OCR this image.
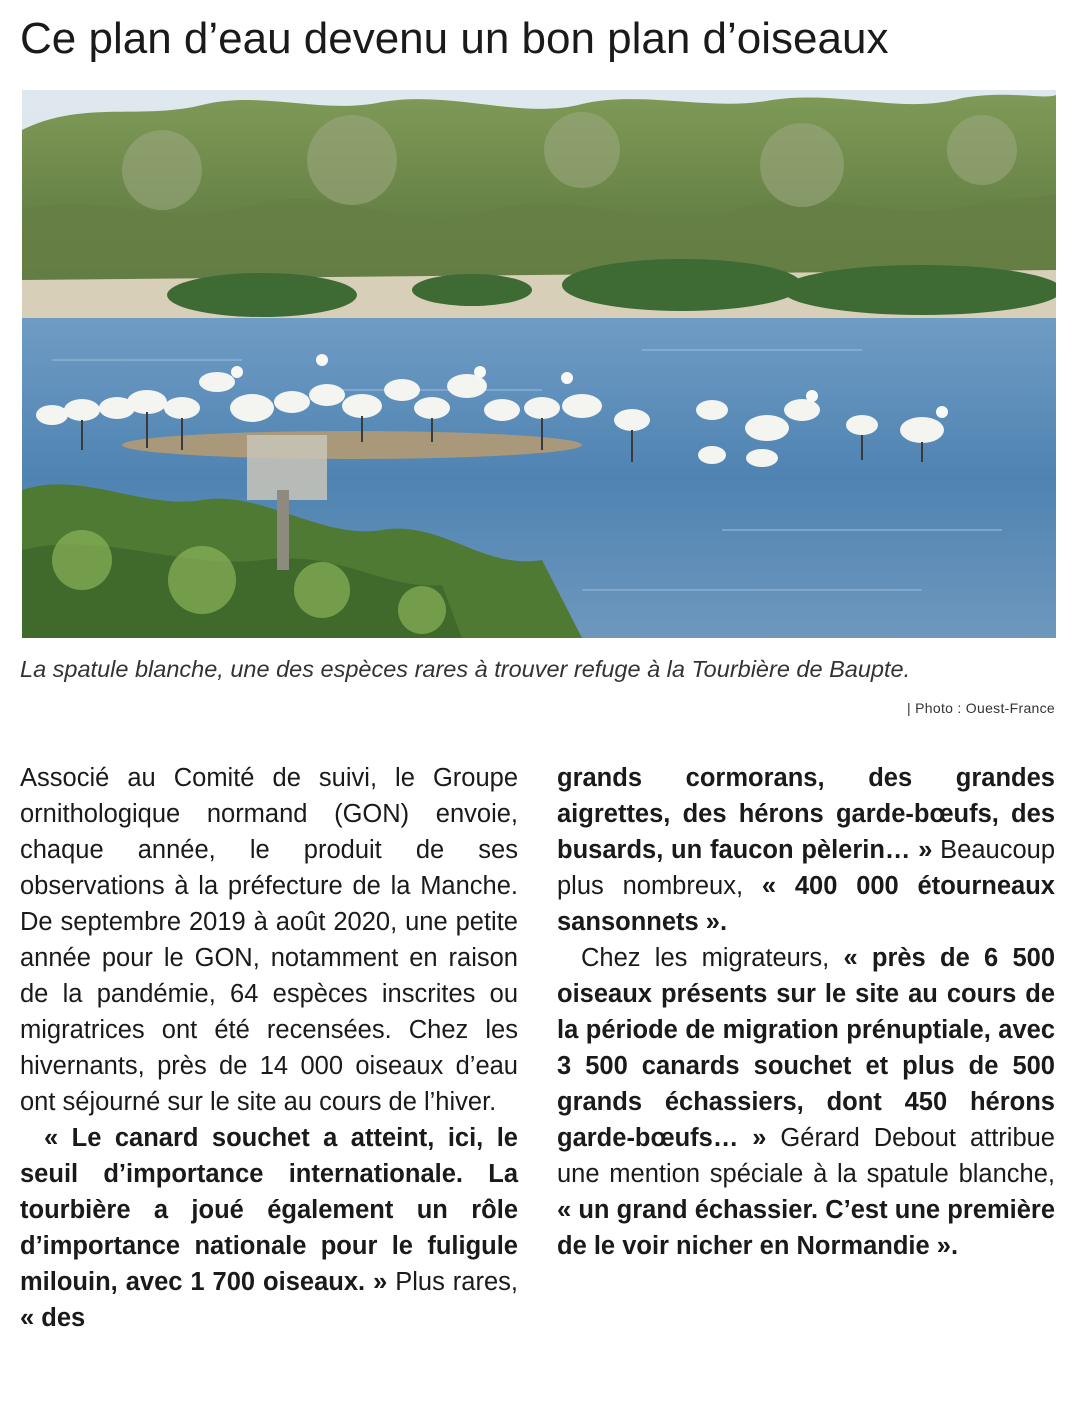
Ce plan d’eau devenu un bon plan d’oiseaux
La spatule blanche, une des espèces rares à trouver refuge à la Tourbière de Baupte.
| Photo : Ouest-France

Associé au Comité de suivi, le Groupe ornithologique normand (GON) envoie, chaque année, le produit de ses observations à la préfecture de la Manche. De septembre 2019 à août 2020, une petite année pour le GON, notamment en raison de la pandémie, 64 espèces inscrites ou migratrices ont été recensées. Chez les hivernants, près de 14 000 oiseaux d’eau ont séjourné sur le site au cours de l’hiver.

« Le canard souchet a atteint, ici, le seuil d’importance internationale. La tourbière a joué également un rôle d’importance nationale pour le fuligule milouin, avec 1 700 oiseaux. » Plus rares, « des

grands cormorans, des grandes aigrettes, des hérons garde-bœufs, des busards, un faucon pèlerin… » Beaucoup plus nombreux, « 400 000 étourneaux sansonnets ».

Chez les migrateurs, « près de 6 500 oiseaux présents sur le site au cours de la période de migration prénuptiale, avec 3 500 canards souchet et plus de 500 grands échassiers, dont 450 hérons garde-bœufs… » Gérard Debout attribue une mention spéciale à la spatule blanche, « un grand échassier. C’est une première de le voir nicher en Normandie ».
